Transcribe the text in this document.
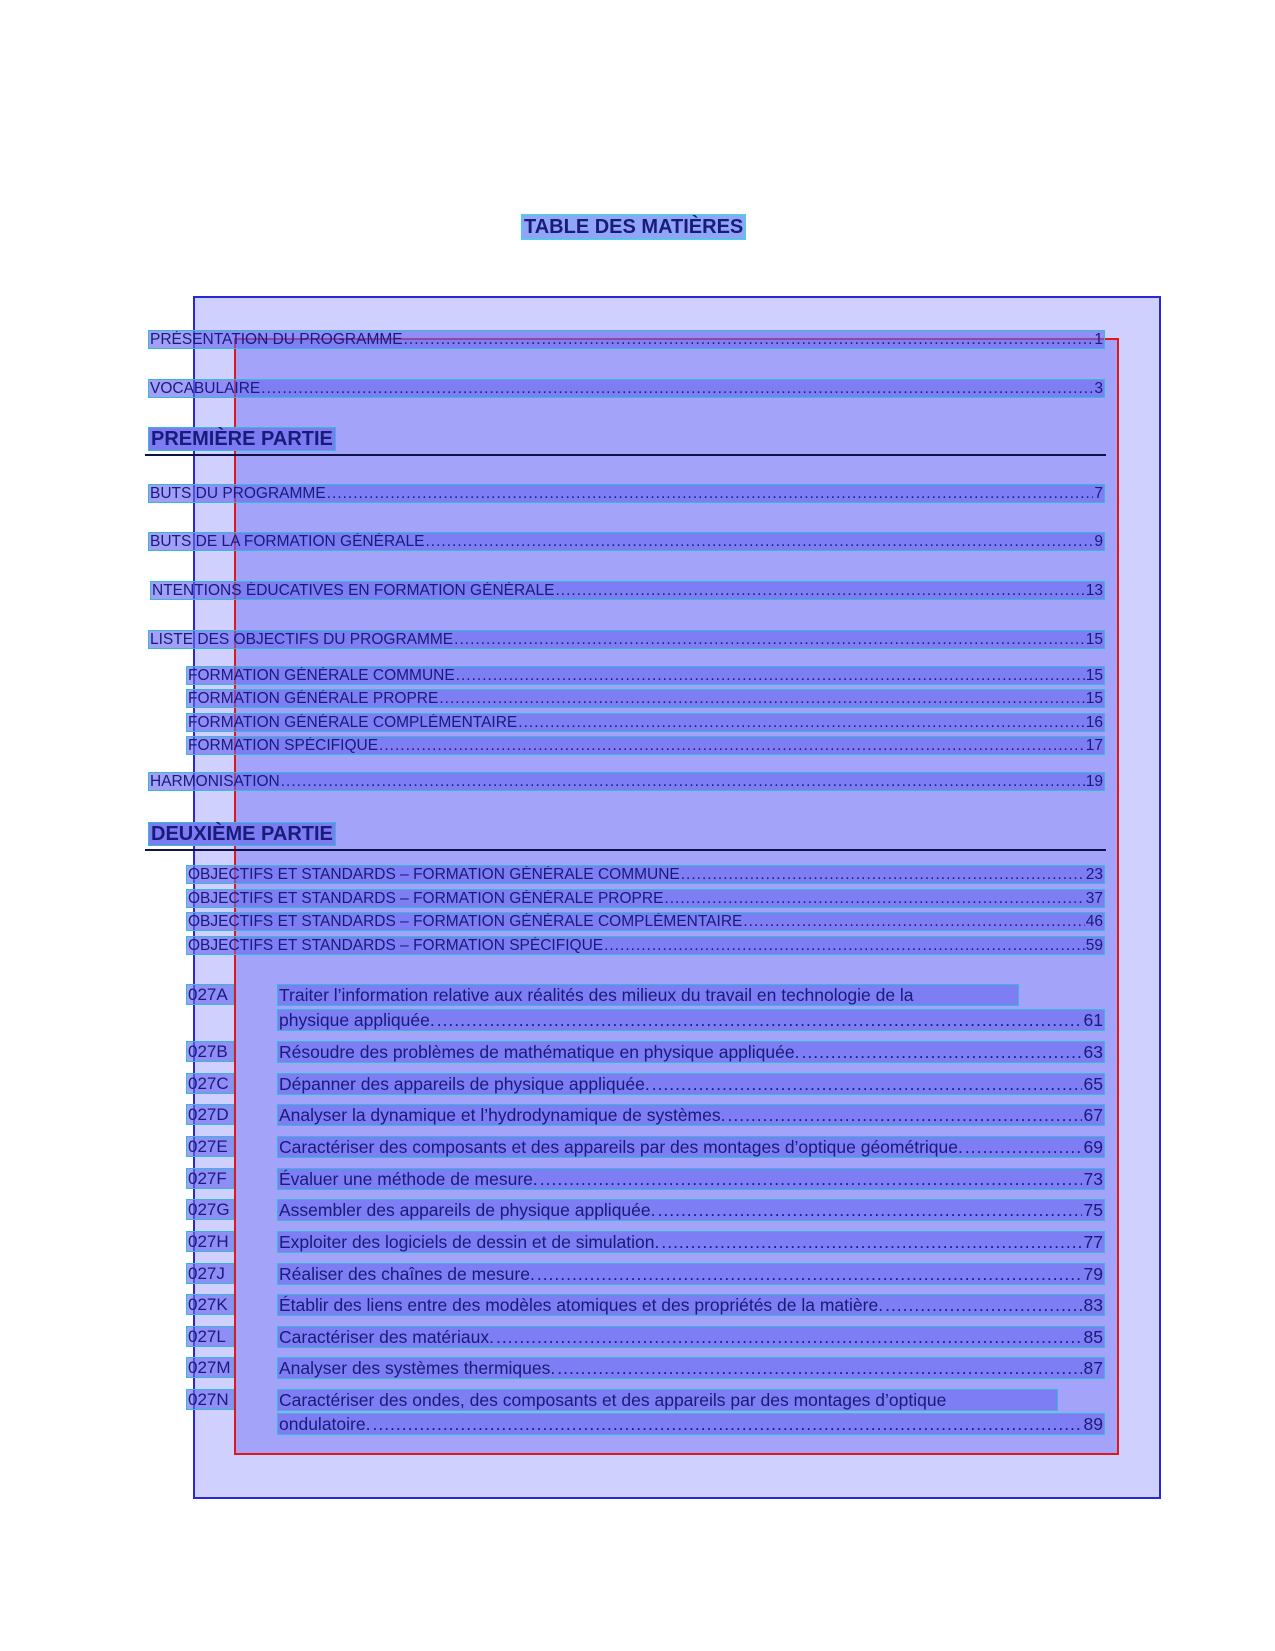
TABLE DES MATIÈRES
PRÉSENTATION DU PROGRAMME .....	1
VOCABULAIRE .....	3
PREMIÈRE PARTIE
BUTS DU PROGRAMME .....	7
BUTS DE LA FORMATION GÉNÉRALE .....	9
NTENTIONS ÉDUCATIVES EN FORMATION GÉNÉRALE .....	13
LISTE DES OBJECTIFS DU PROGRAMME .....	15
FORMATION GÉNÉRALE COMMUNE .....	15
FORMATION GÉNÉRALE PROPRE .....	15
FORMATION GÉNÉRALE COMPLÉMENTAIRE .....	16
FORMATION SPÉCIFIQUE .....	17
HARMONISATION .....	19
DEUXIÈME PARTIE
OBJECTIFS ET STANDARDS – FORMATION GÉNÉRALE COMMUNE .....	23
OBJECTIFS ET STANDARDS – FORMATION GÉNÉRALE PROPRE .....	37
OBJECTIFS ET STANDARDS – FORMATION GÉNÉRALE COMPLÉMENTAIRE .....	46
OBJECTIFS ET STANDARDS – FORMATION SPÉCIFIQUE .....	59
027A	Traiter l’information relative aux réalités des milieux du travail en technologie de la
physique appliquée. .....	61
027B	Résoudre des problèmes de mathématique en physique appliquée. .....	63
027C	Dépanner des appareils de physique appliquée. .....	65
027D	Analyser la dynamique et l’hydrodynamique de systèmes. .....	67
027E	Caractériser des composants et des appareils par des montages d’optique géométrique. .....	69
027F	Évaluer une méthode de mesure. .....	73
027G	Assembler des appareils de physique appliquée. .....	75
027H	Exploiter des logiciels de dessin et de simulation. .....	77
027J	Réaliser des chaînes de mesure. .....	79
027K	Établir des liens entre des modèles atomiques et des propriétés de la matière. .....	83
027L	Caractériser des matériaux. .....	85
027M	Analyser des systèmes thermiques. .....	87
027N	Caractériser des ondes, des composants et des appareils par des montages d’optique
ondulatoire. .....	89
